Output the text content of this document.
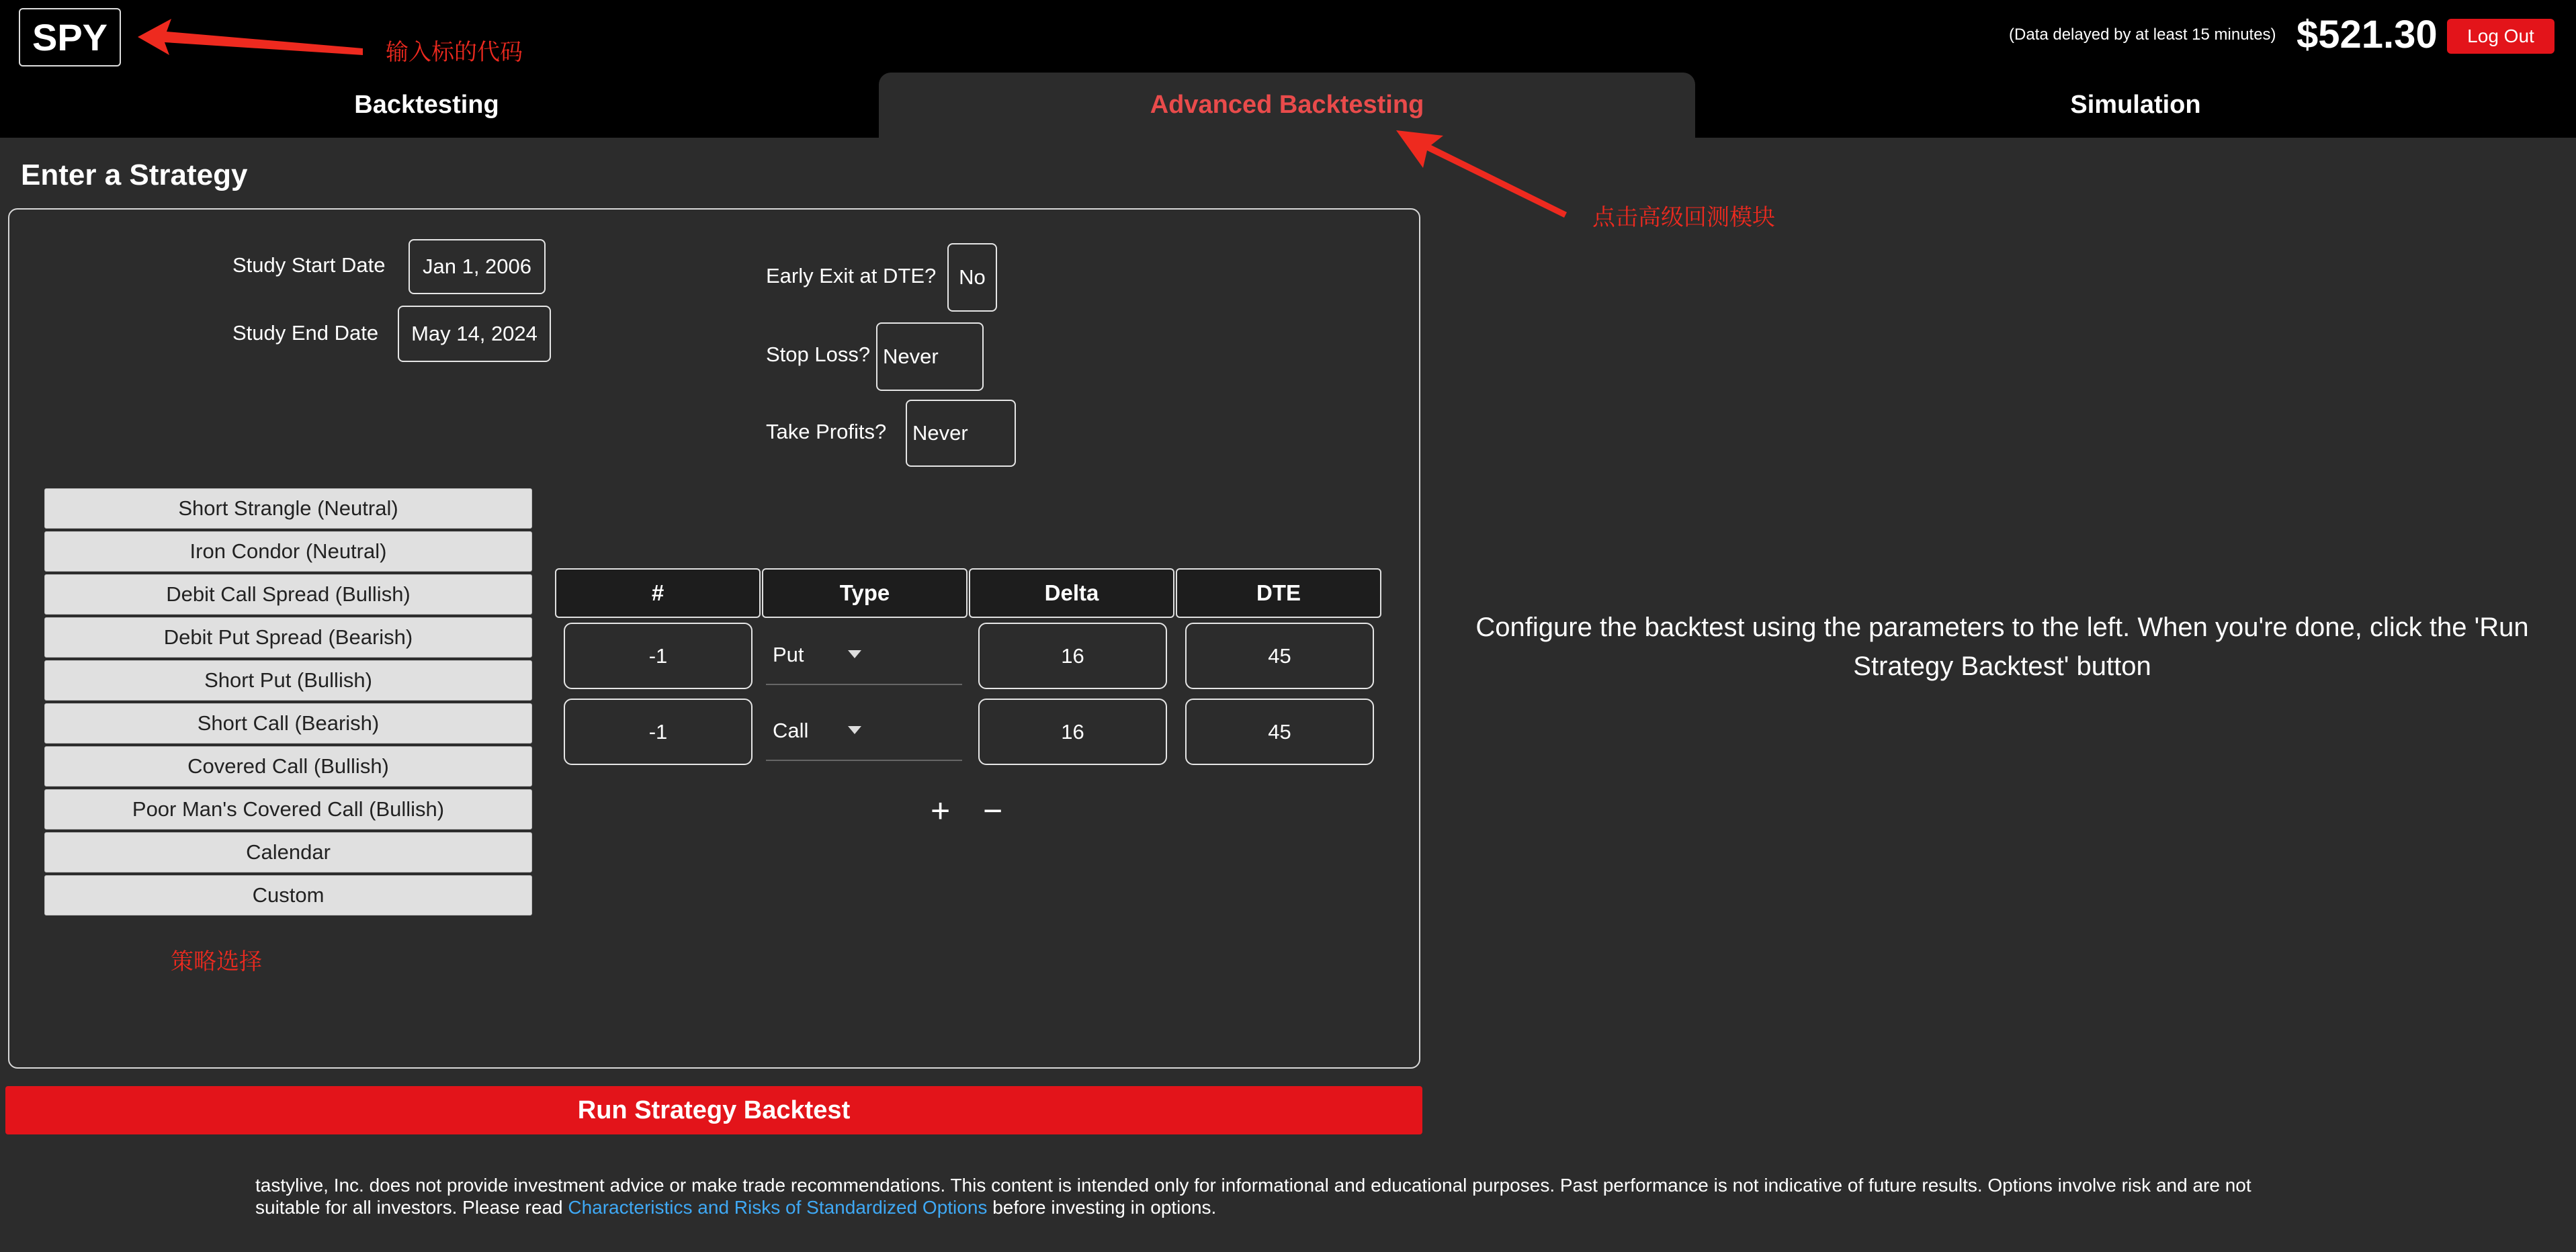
SPY	输入标的代码
(Data delayed by at least 15 minutes) $521.30	Log Out
Backtesting	Advanced Backtesting	Simulation
点击高级回测模块
Enter a Strategy
Study Start Date	Jan 1, 2006
Study End Date	May 14, 2024
Early Exit at DTE?	No
Stop Loss? Never
Take Profits?	Never
Short Strangle (Neutral)
Iron Condor (Neutral)
Debit Call Spread (Bullish)
Debit Put Spread (Bearish)
Short Put (Bullish)
Short Call (Bearish)
Covered Call (Bullish)
Poor Man's Covered Call (Bullish)
Calendar
Custom
策略选择
#	Type	Delta	DTE
-1	Put	16	45
-1	Call	16	45
+ −
Configure the backtest using the parameters to the left. When you're done, click the 'Run Strategy Backtest' button
Run Strategy Backtest
tastylive, Inc. does not provide investment advice or make trade recommendations. This content is intended only for informational and educational purposes. Past performance is not indicative of future results. Options involve risk and are not suitable for all investors. Please read Characteristics and Risks of Standardized Options before investing in options.
